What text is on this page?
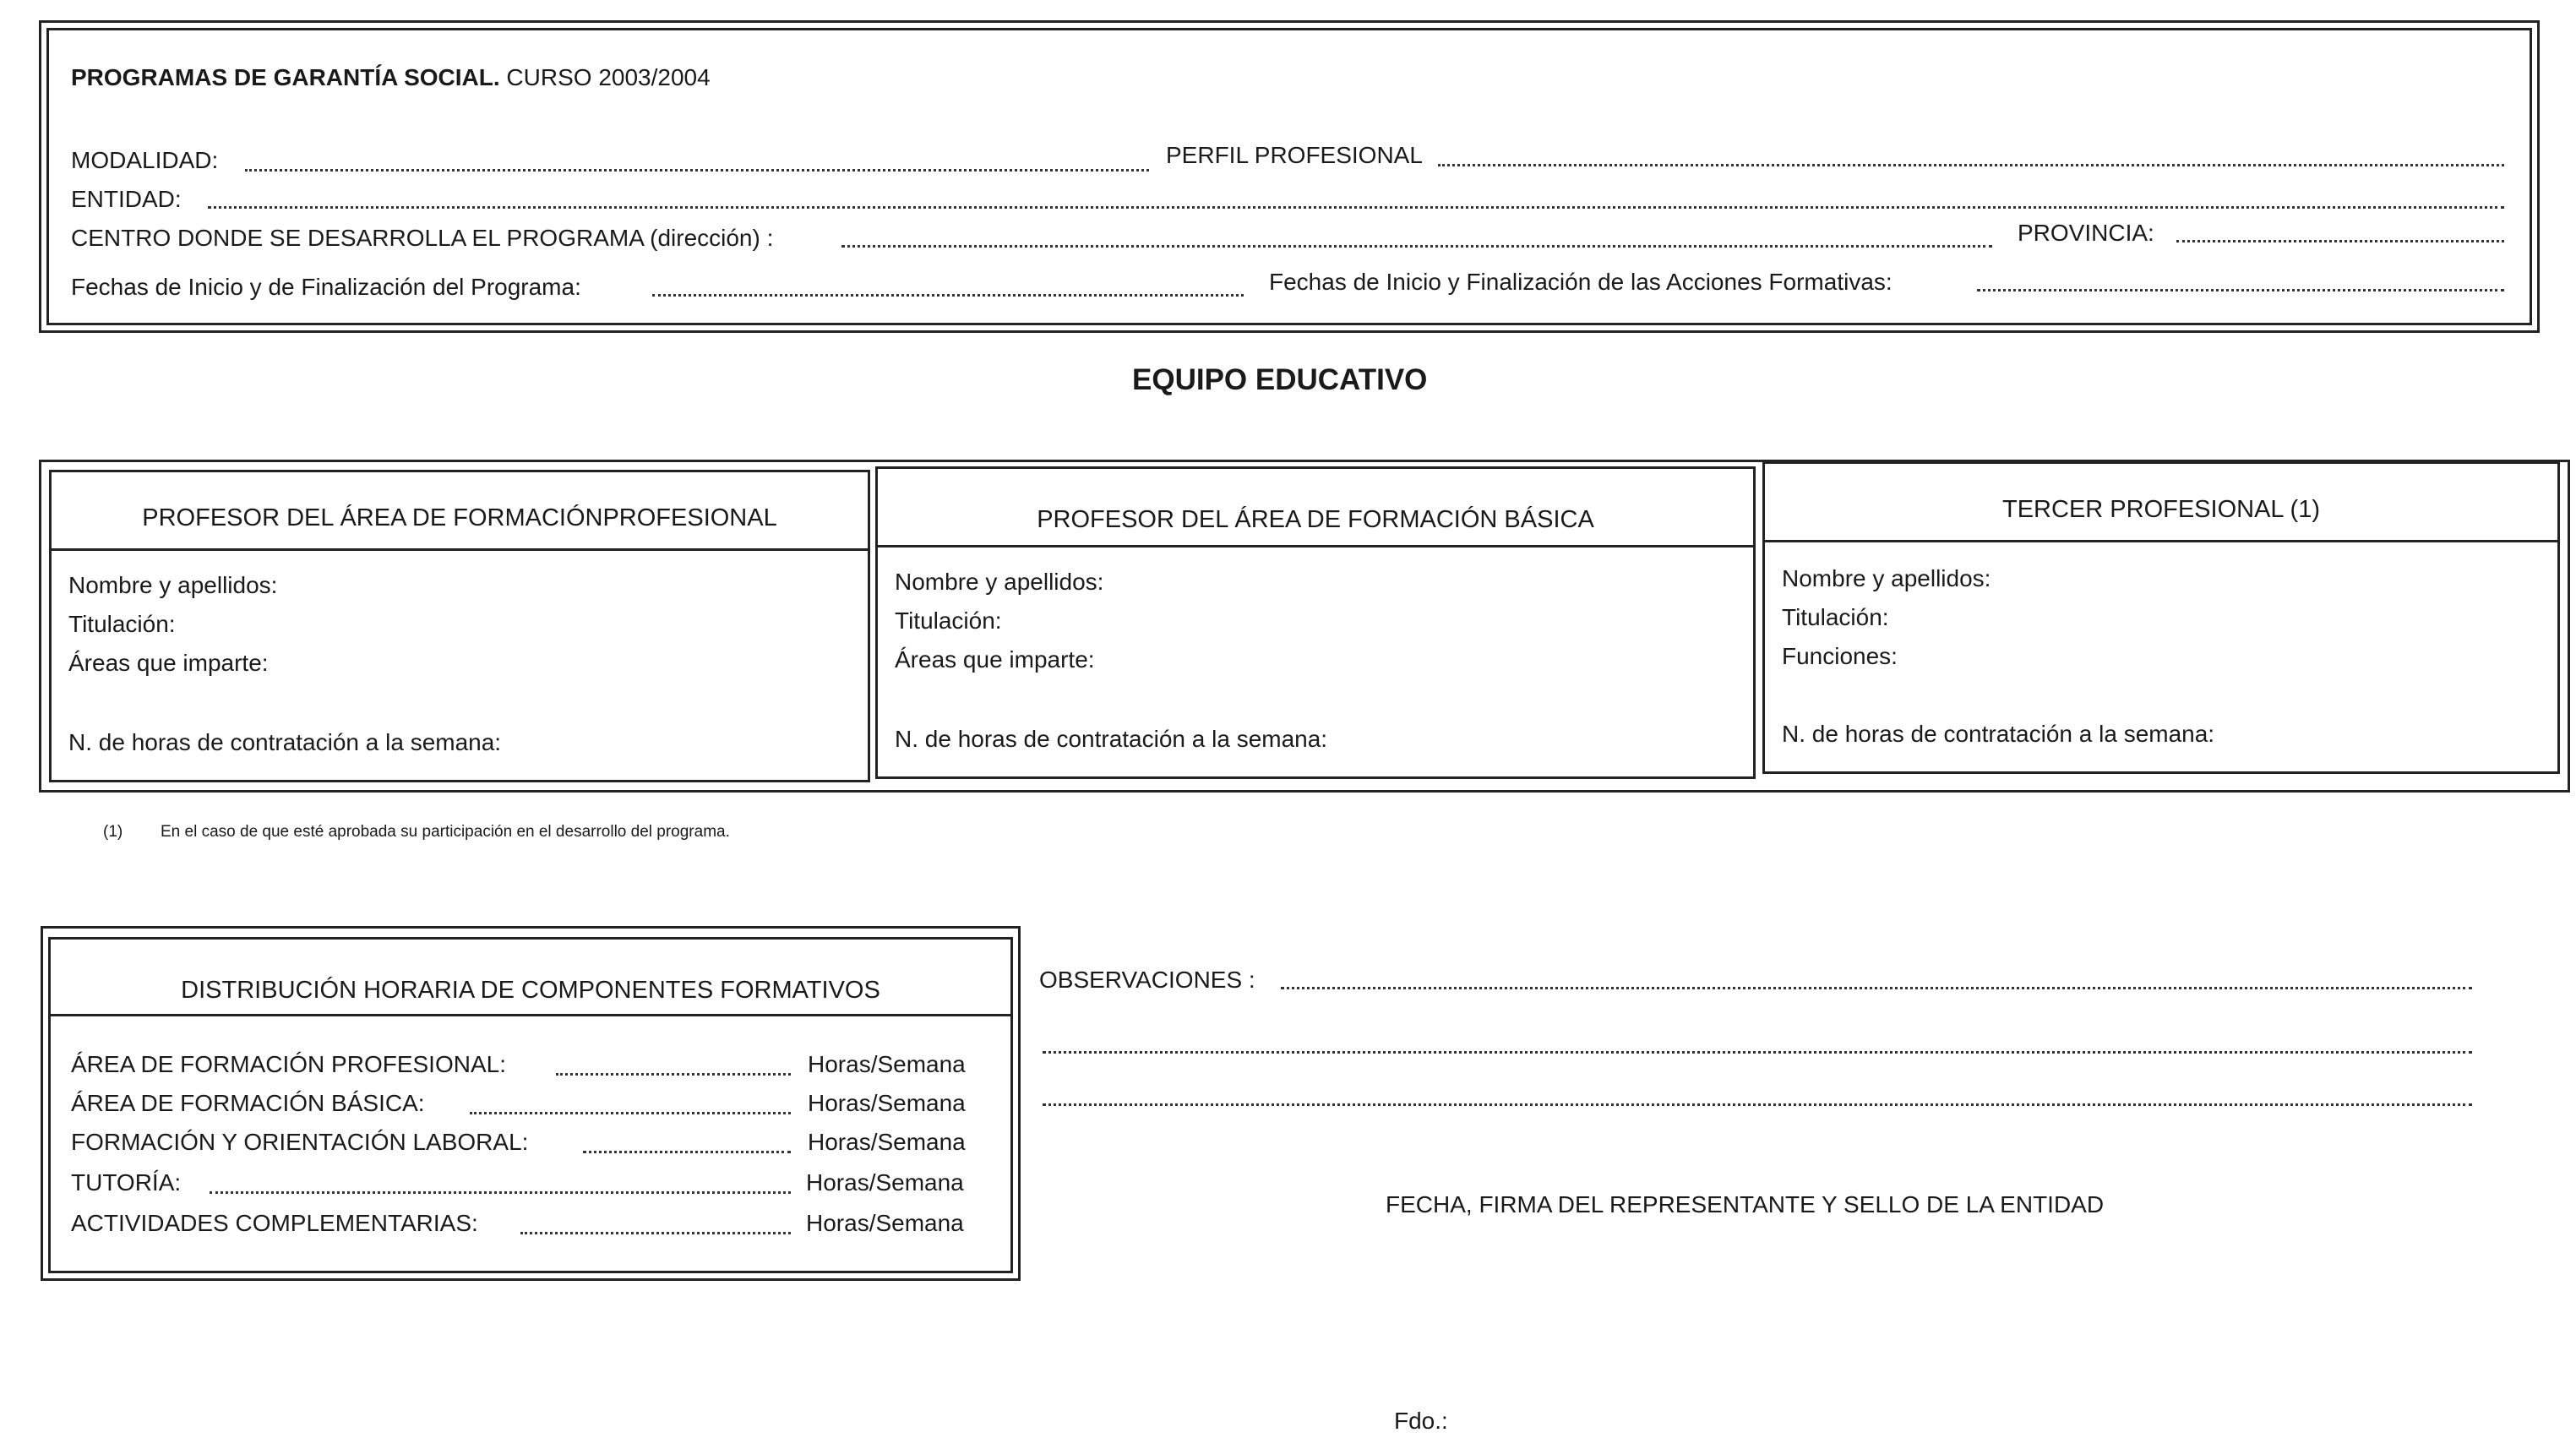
PROGRAMAS DE GARANTÍA SOCIAL. CURSO 2003/2004
MODALIDAD:	PERFIL PROFESIONAL
ENTIDAD:
CENTRO DONDE SE DESARROLLA EL PROGRAMA (dirección) :	PROVINCIA:
Fechas de Inicio y de Finalización del Programa:	Fechas de Inicio y Finalización de las Acciones Formativas:
EQUIPO EDUCATIVO
PROFESOR DEL ÁREA DE FORMACIÓNPROFESIONAL
Nombre y apellidos:
Titulación:
Áreas que imparte:
N. de horas de contratación a la semana:
PROFESOR DEL ÁREA DE FORMACIÓN BÁSICA
Nombre y apellidos:
Titulación:
Áreas que imparte:
N. de horas de contratación a la semana:
TERCER PROFESIONAL (1)
Nombre y apellidos:
Titulación:
Funciones:
N. de horas de contratación a la semana:
(1) En el caso de que esté aprobada su participación en el desarrollo del programa.
DISTRIBUCIÓN HORARIA DE COMPONENTES FORMATIVOS
ÁREA DE FORMACIÓN PROFESIONAL:	Horas/Semana
ÁREA DE FORMACIÓN BÁSICA:	Horas/Semana
FORMACIÓN Y ORIENTACIÓN LABORAL:	Horas/Semana
TUTORÍA:	Horas/Semana
ACTIVIDADES COMPLEMENTARIAS:	Horas/Semana
OBSERVACIONES :
FECHA, FIRMA DEL REPRESENTANTE Y SELLO DE LA ENTIDAD
Fdo.:
